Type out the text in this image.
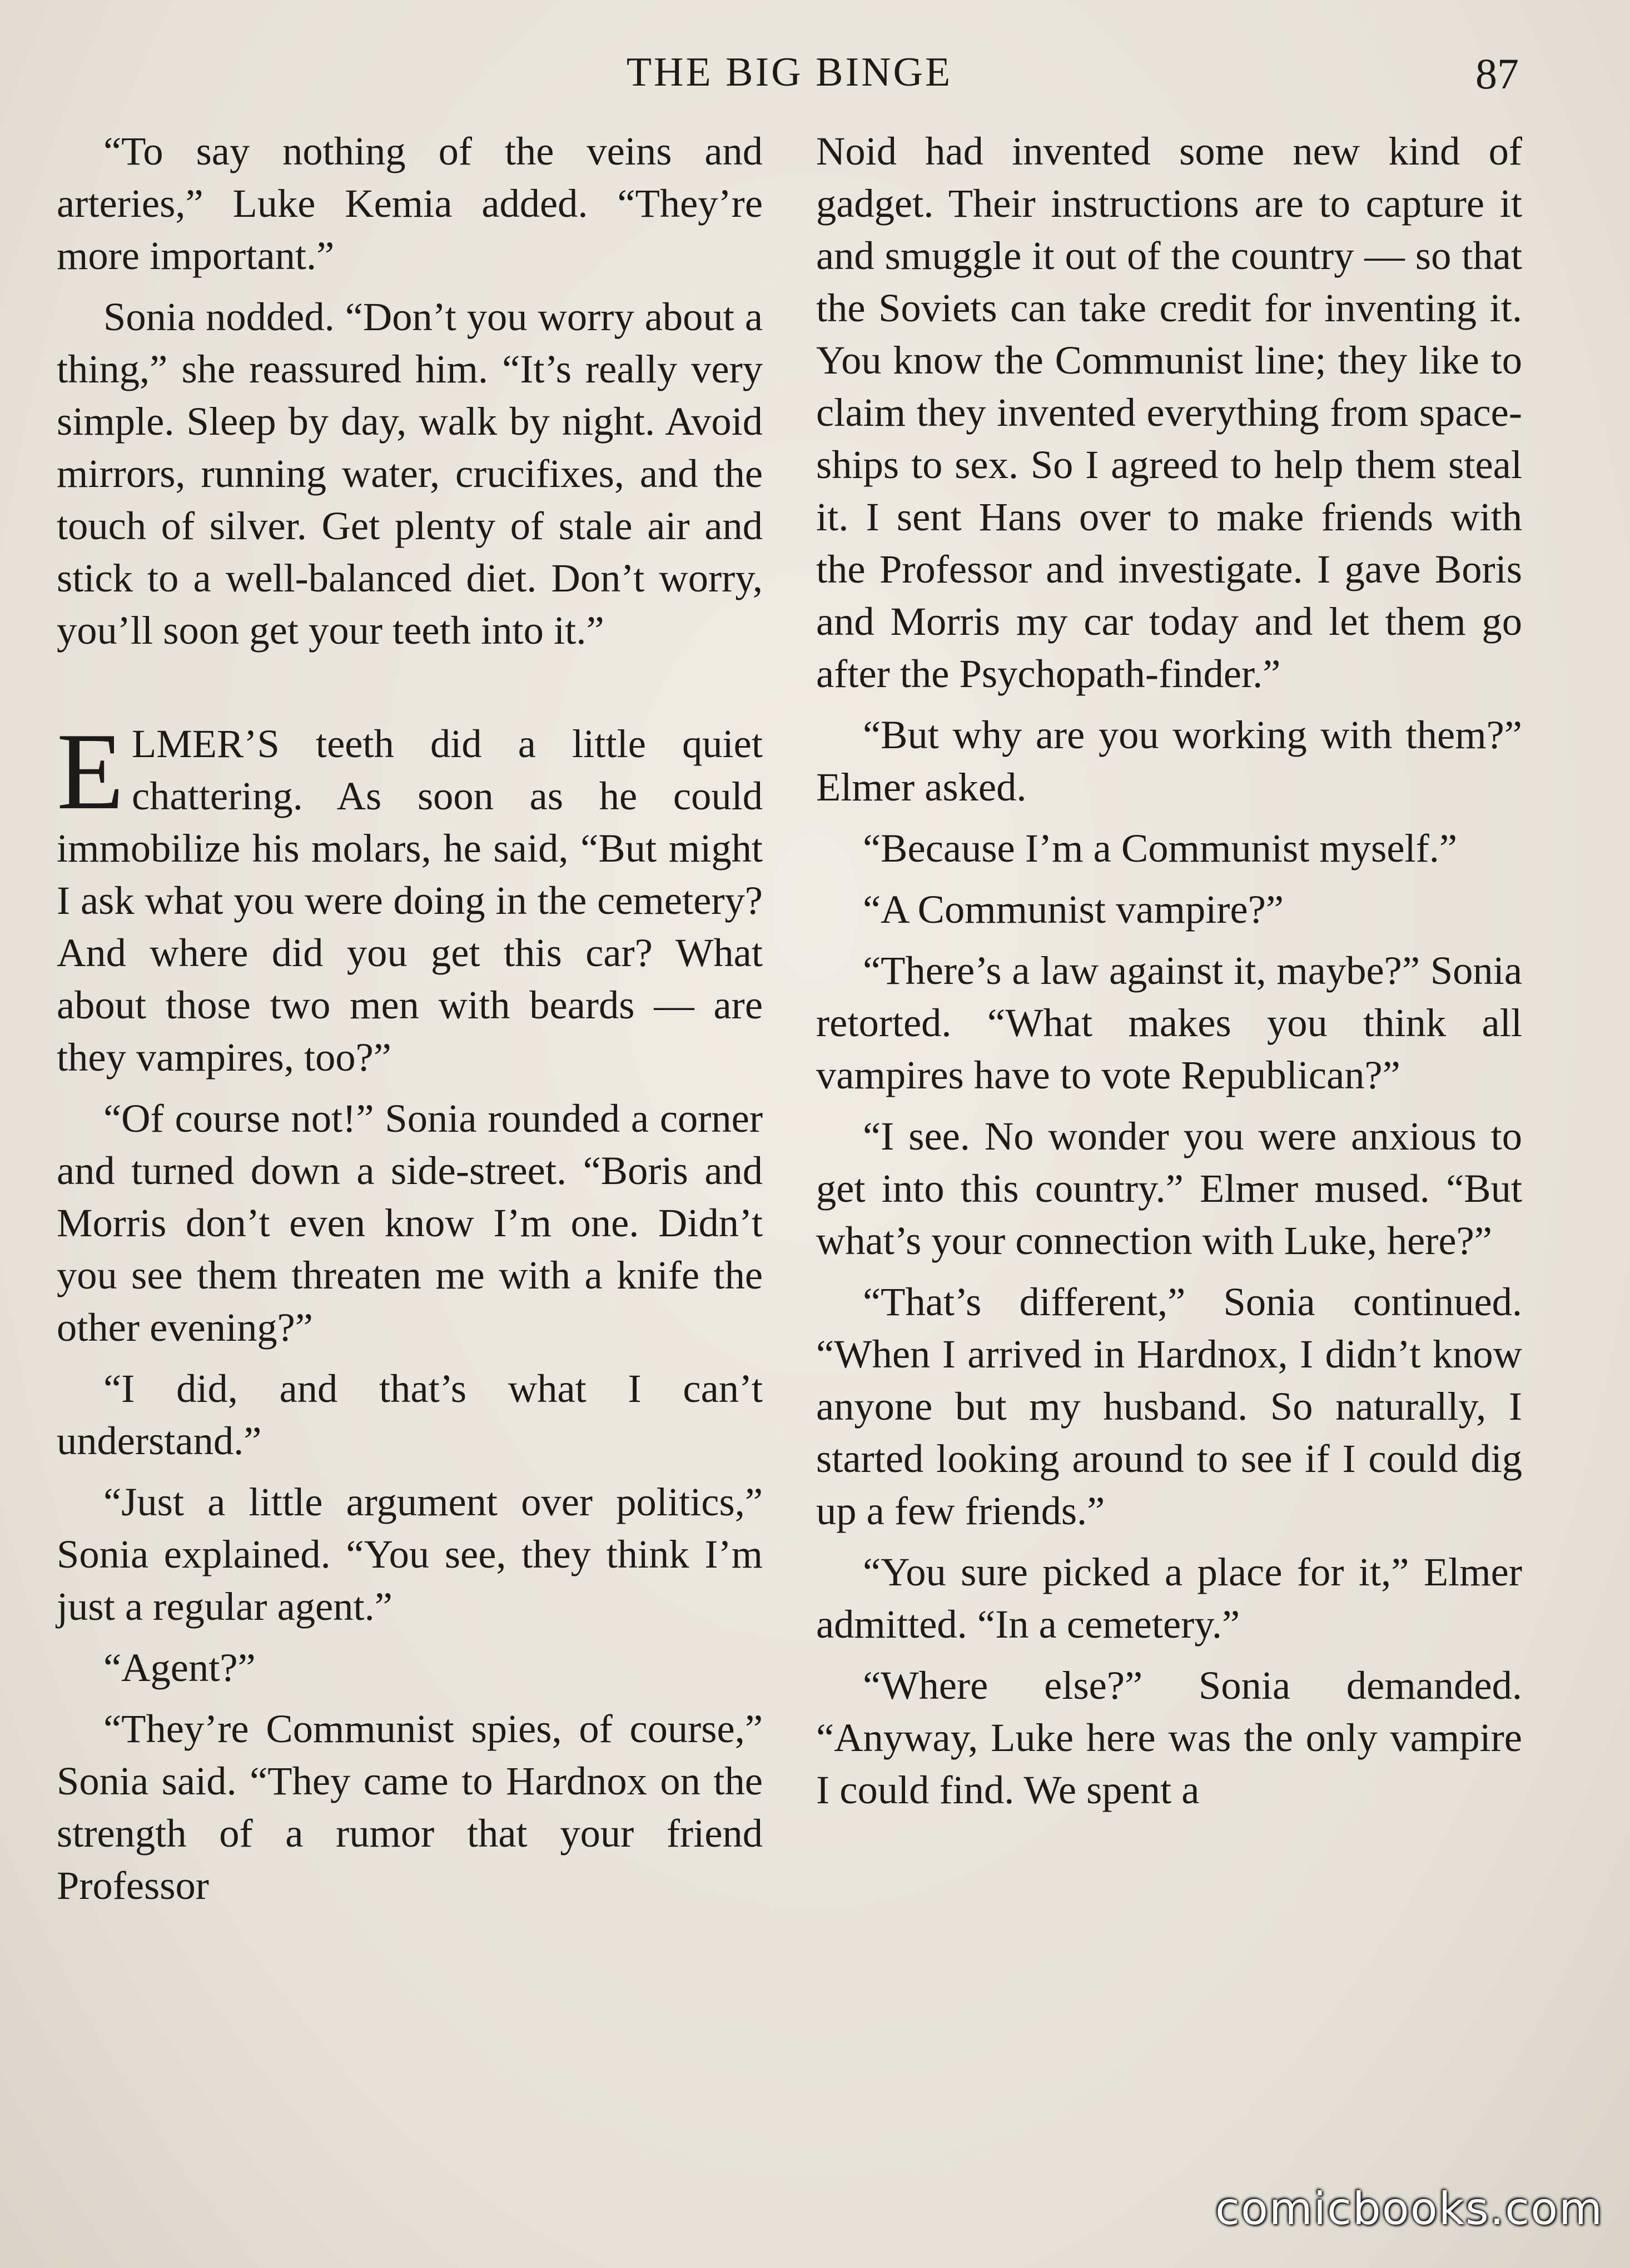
THE BIG BINGE	87

“To say nothing of the veins and arteries,” Luke Kemia added. “They’re more important.”

Sonia nodded. “Don’t you worry about a thing,” she reassured him. “It’s really very simple. Sleep by day, walk by night. Avoid mirrors, running water, crucifixes, and the touch of silver. Get plenty of stale air and stick to a well-balanced diet. Don’t worry, you’ll soon get your teeth into it.”

E LMER’S teeth did a little quiet chattering. As soon as he could immobilize his molars, he said, “But might I ask what you were doing in the cemetery? And where did you get this car? What about those two men with beards — are they vampires, too?”

“Of course not!” Sonia rounded a corner and turned down a side-street. “Boris and Morris don’t even know I’m one. Didn’t you see them threaten me with a knife the other evening?”

“I did, and that’s what I can’t understand.”

“Just a little argument over politics,” Sonia explained. “You see, they think I’m just a regular agent.”

“Agent?”

“They’re Communist spies, of course,” Sonia said. “They came to Hardnox on the strength of a rumor that your friend Professor

Noid had invented some new kind of gadget. Their instructions are to capture it and smuggle it out of the country — so that the Soviets can take credit for inventing it. You know the Communist line; they like to claim they invented everything from space-ships to sex. So I agreed to help them steal it. I sent Hans over to make friends with the Professor and investigate. I gave Boris and Morris my car today and let them go after the Psychopath-finder.”

“But why are you working with them?” Elmer asked.

“Because I’m a Communist myself.”

“A Communist vampire?”

“There’s a law against it, maybe?” Sonia retorted. “What makes you think all vampires have to vote Republican?”

“I see. No wonder you were anxious to get into this country.” Elmer mused. “But what’s your connection with Luke, here?”

“That’s different,” Sonia continued. “When I arrived in Hardnox, I didn’t know anyone but my husband. So naturally, I started looking around to see if I could dig up a few friends.”

“You sure picked a place for it,” Elmer admitted. “In a cemetery.”

“Where else?” Sonia demanded. “Anyway, Luke here was the only vampire I could find. We spent a

comicbooks.com
